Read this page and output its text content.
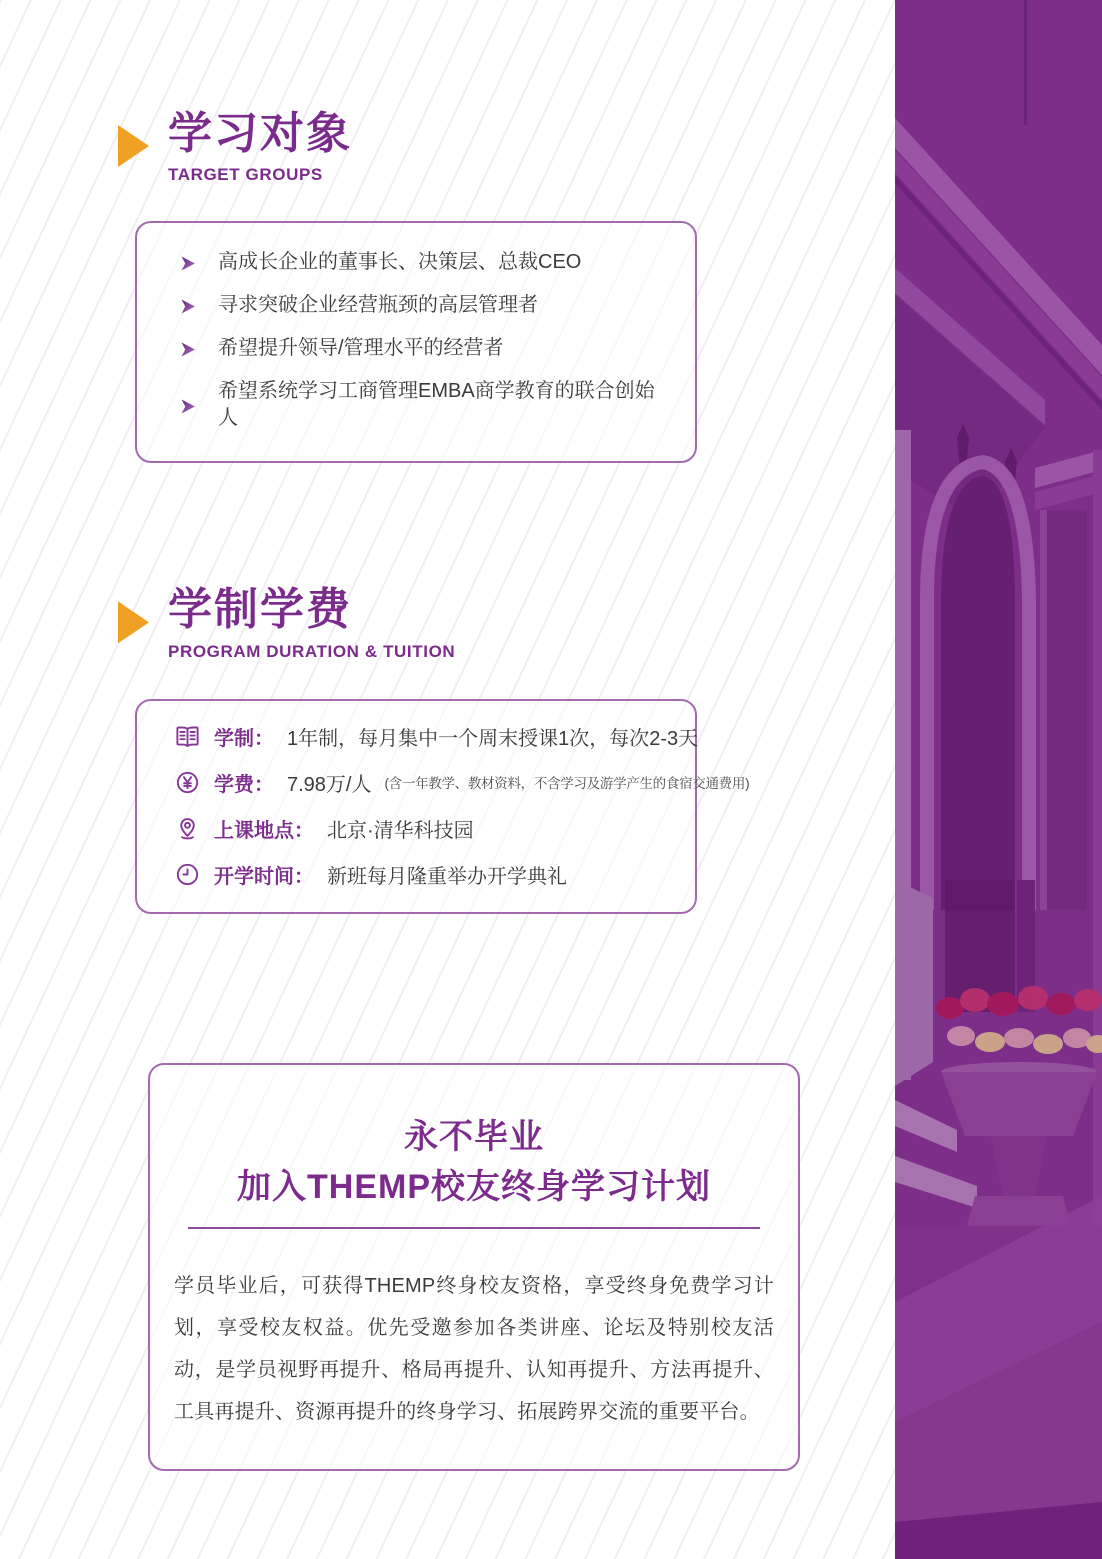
学习对象
TARGET GROUPS
高成长企业的董事长、决策层、总裁CEO
寻求突破企业经营瓶颈的高层管理者
希望提升领导/管理水平的经营者
希望系统学习工商管理EMBA商学教育的联合创始人
学制学费
PROGRAM DURATION & TUITION
学制： 1年制，每月集中一个周末授课1次，每次2-3天
学费： 7.98万/人 (含一年教学、教材资料，不含学习及游学产生的食宿交通费用)
上课地点： 北京·清华科技园
开学时间： 新班每月隆重举办开学典礼
永不毕业
加入THEMP校友终身学习计划
学员毕业后，可获得THEMP终身校友资格，享受终身免费学习计划，享受校友权益。优先受邀参加各类讲座、论坛及特别校友活动，是学员视野再提升、格局再提升、认知再提升、方法再提升、工具再提升、资源再提升的终身学习、拓展跨界交流的重要平台。
